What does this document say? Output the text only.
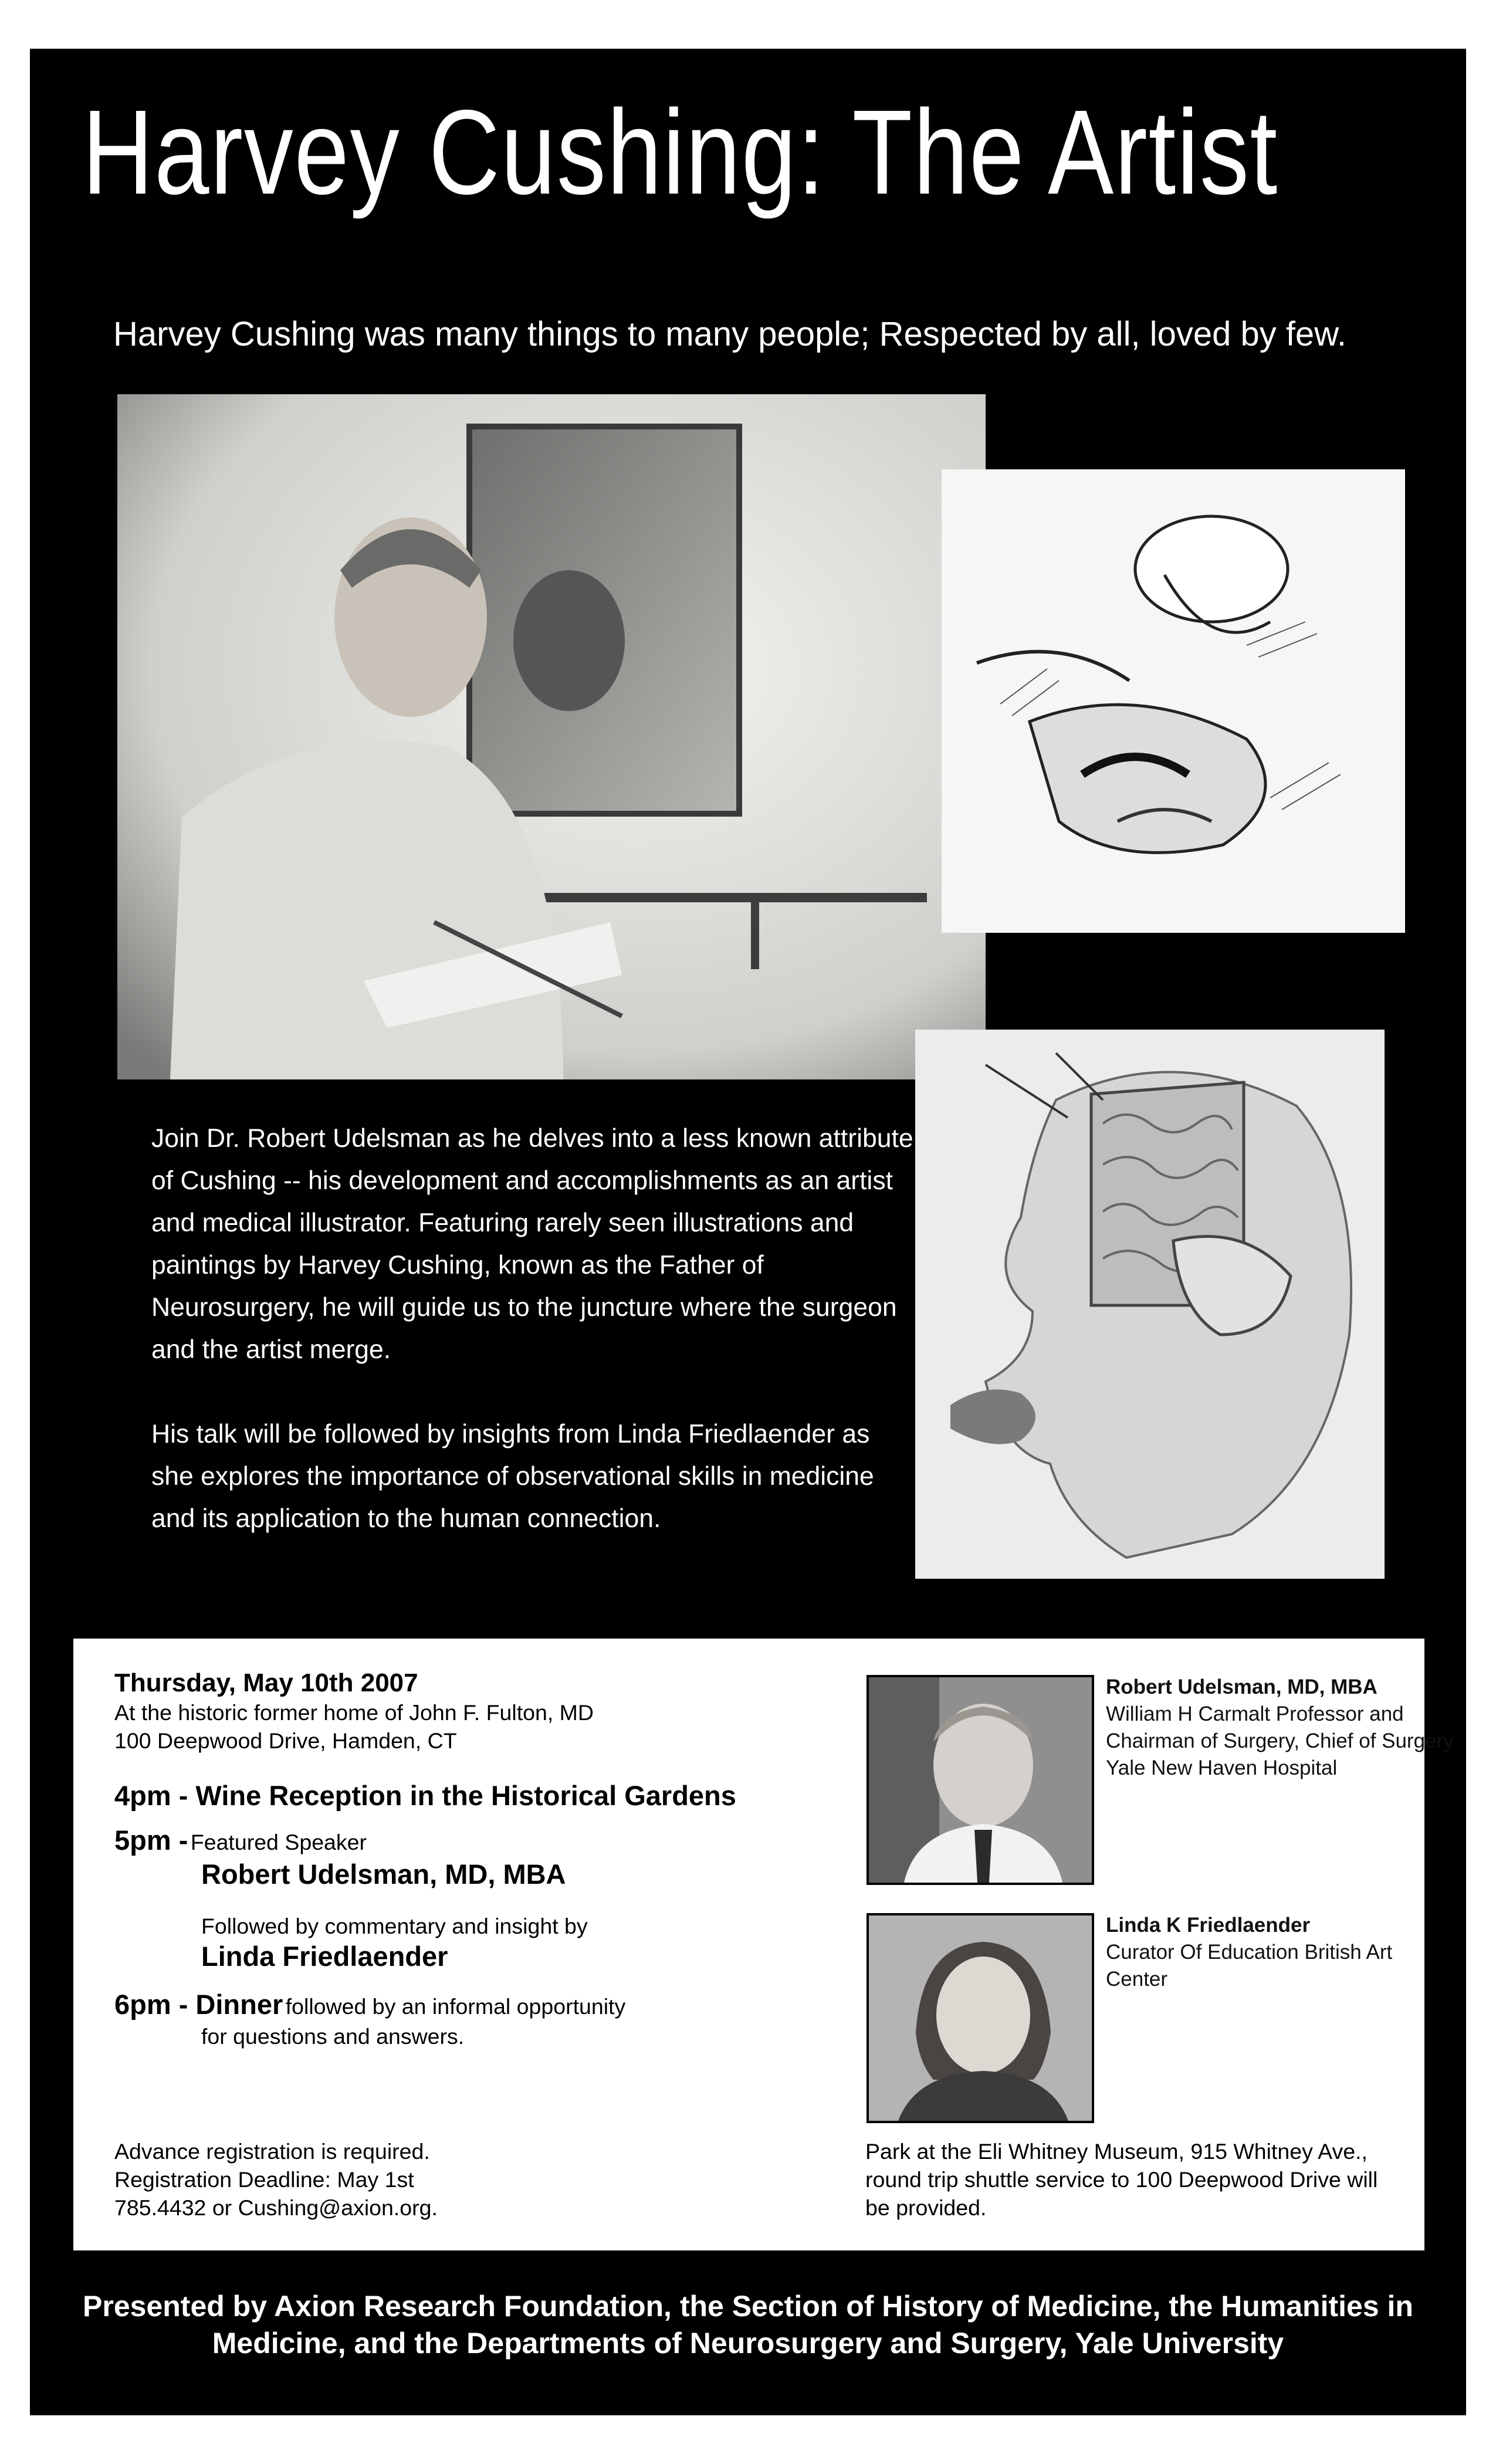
Harvey Cushing: The Artist
Harvey Cushing was many things to many people; Respected by all, loved by few.

Join Dr. Robert Udelsman as he delves into a less known attribute of Cushing -- his development and accomplishments as an artist and medical illustrator. Featuring rarely seen illustrations and paintings by Harvey Cushing, known as the Father of Neurosurgery, he will guide us to the juncture where the surgeon and the artist merge.

His talk will be followed by insights from Linda Friedlaender as she explores the importance of observational skills in medicine and its application to the human connection.

Thursday, May 10th 2007
At the historic former home of John F. Fulton, MD
100 Deepwood Drive, Hamden, CT
4pm - Wine Reception in the Historical Gardens
5pm - Featured Speaker
Robert Udelsman, MD, MBA
Followed by commentary and insight by
Linda Friedlaender
6pm - Dinner followed by an informal opportunity
for questions and answers.
Advance registration is required.
Registration Deadline: May 1st
785.4432 or Cushing@axion.org.
Robert Udelsman, MD, MBA
William H Carmalt Professor and Chairman of Surgery, Chief of Surgery Yale New Haven Hospital
Linda K Friedlaender
Curator Of Education British Art Center
Park at the Eli Whitney Museum, 915 Whitney Ave., round trip shuttle service to 100 Deepwood Drive will be provided.
Presented by Axion Research Foundation, the Section of History of Medicine, the Humanities in Medicine, and the Departments of Neurosurgery and Surgery, Yale University
